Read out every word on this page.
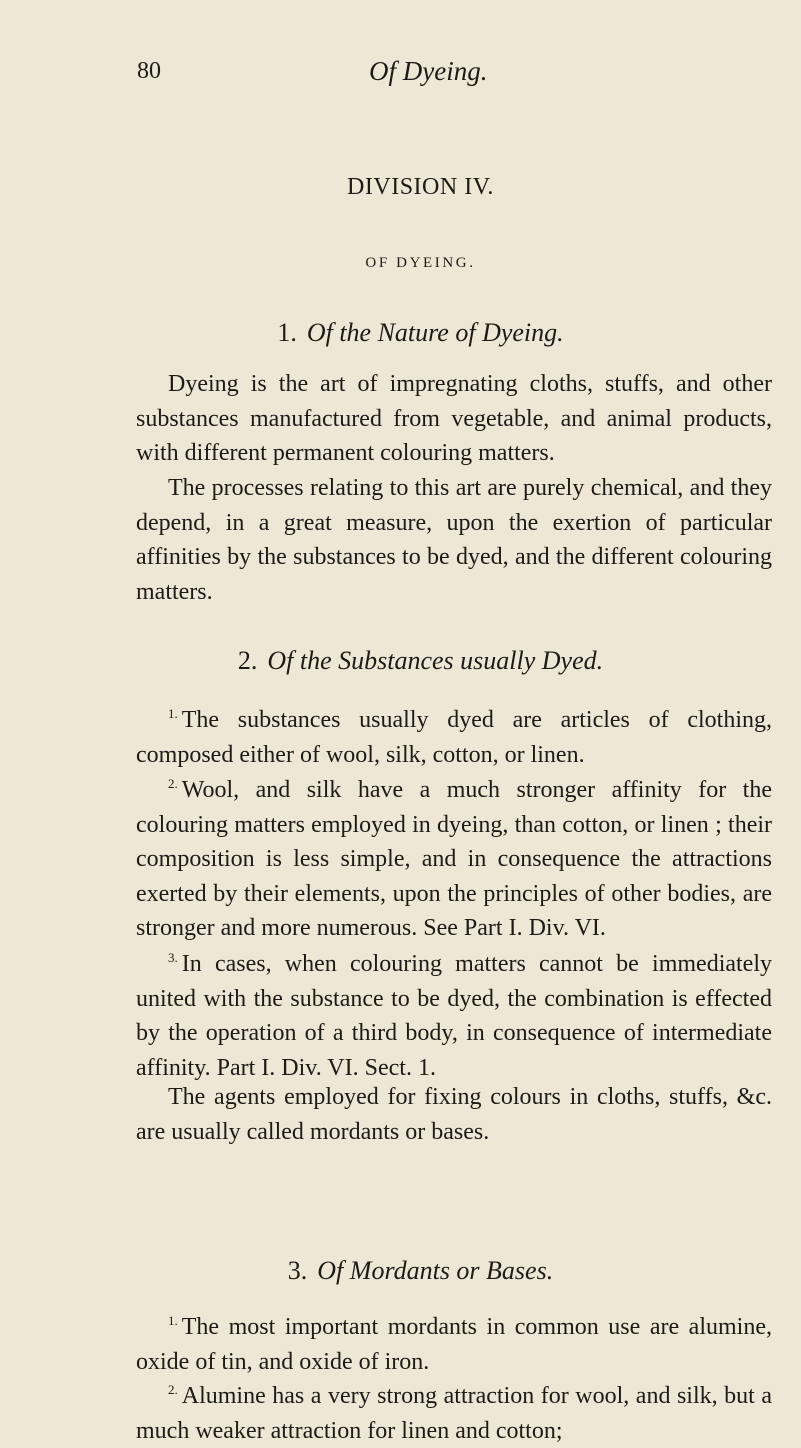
80	Of Dyeing.
DIVISION IV.
OF DYEING.
1. Of the Nature of Dyeing.

Dyeing is the art of impregnating cloths, stuffs, and other substances manufactured from vegetable, and animal products, with different permanent colouring matters.

The processes relating to this art are purely chemical, and they depend, in a great measure, upon the exertion of particular affinities by the substances to be dyed, and the different colouring matters.

2. Of the Substances usually Dyed.

$^{1.}$ The substances usually dyed are articles of clothing, composed either of wool, silk, cotton, or linen.

$^{2.}$ Wool, and silk have a much stronger affinity for the colouring matters employed in dyeing, than cotton, or linen ; their composition is less simple, and in consequence the attractions exerted by their elements, upon the principles of other bodies, are stronger and more numerous. See Part I. Div. VI.

$^{3.}$ In cases, when colouring matters cannot be immediately united with the substance to be dyed, the combination is effected by the operation of a third body, in consequence of intermediate affinity. Part I. Div. VI. Sect. 1.

The agents employed for fixing colours in cloths, stuffs, &c. are usually called mordants or bases.

3. Of Mordants or Bases.

$^{1.}$ The most important mordants in common use are alumine, oxide of tin, and oxide of iron.

$^{2.}$ Alumine has a very strong attraction for wool, and silk, but a much weaker attraction for linen and cotton;
